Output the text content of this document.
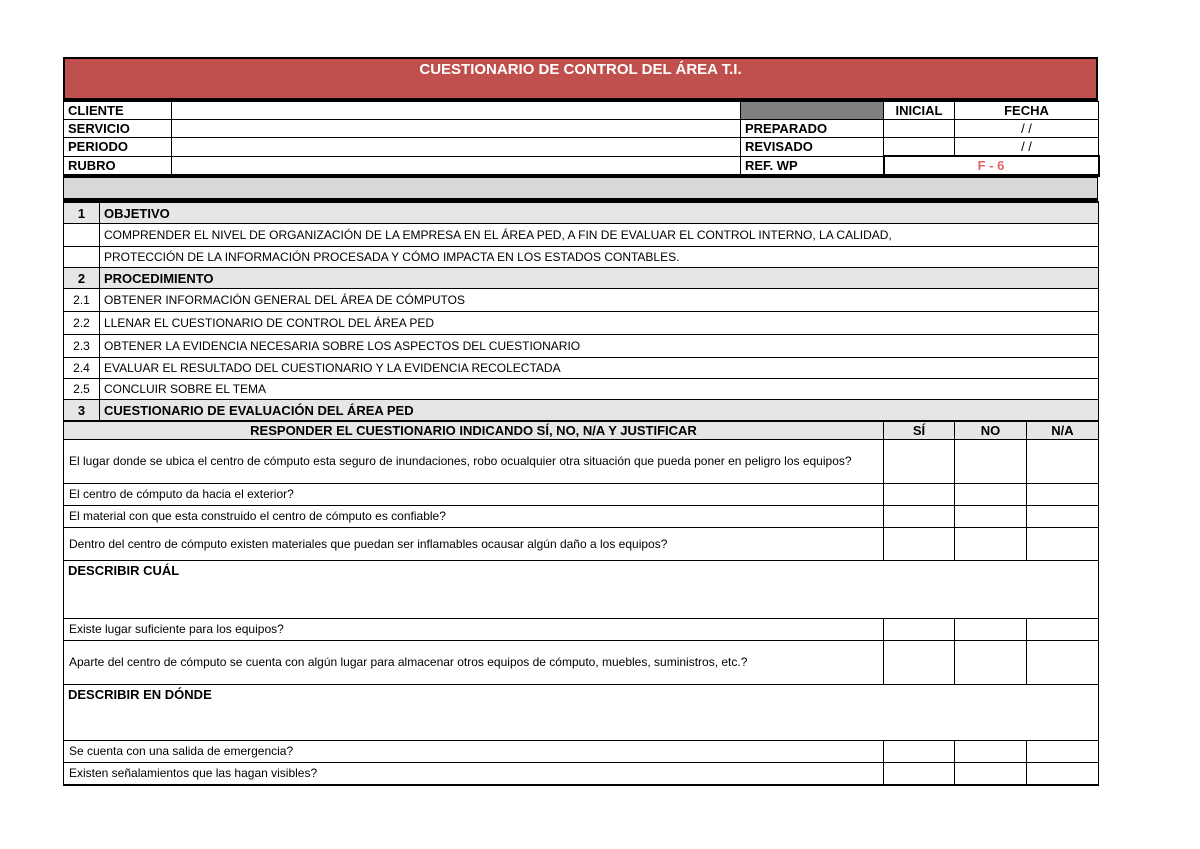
CUESTIONARIO DE CONTROL DEL ÁREA T.I.
CLIENTE			INICIAL	FECHA
SERVICIO		PREPARADO		/ /
PERIODO		REVISADO		/ /
RUBRO		REF. WP	F - 6	
1	OBJETIVO
	COMPRENDER EL NIVEL DE ORGANIZACIÓN DE LA EMPRESA EN EL ÁREA PED, A FIN DE EVALUAR EL CONTROL INTERNO, LA CALIDAD,
	PROTECCIÓN DE LA INFORMACIÓN PROCESADA Y CÓMO IMPACTA EN LOS ESTADOS CONTABLES.
2	PROCEDIMIENTO
2.1	OBTENER INFORMACIÓN GENERAL DEL ÁREA DE CÓMPUTOS
2.2	LLENAR EL CUESTIONARIO DE CONTROL DEL ÁREA PED
2.3	OBTENER LA EVIDENCIA NECESARIA SOBRE LOS ASPECTOS DEL CUESTIONARIO
2.4	EVALUAR EL RESULTADO DEL CUESTIONARIO Y LA EVIDENCIA RECOLECTADA
2.5	CONCLUIR SOBRE EL TEMA
3	CUESTIONARIO DE EVALUACIÓN DEL ÁREA PED
RESPONDER EL CUESTIONARIO INDICANDO SÍ, NO, N/A Y JUSTIFICAR	SÍ	NO	N/A
El lugar donde se ubica el centro de cómputo esta seguro de inundaciones, robo ocualquier otra situación que pueda poner en peligro los equipos?			
El centro de cómputo da hacia el exterior?			
El material con que esta construido el centro de cómputo es confiable?			
Dentro del centro de cómputo existen materiales que puedan ser inflamables ocausar algún daño a los equipos?			
DESCRIBIR CUÁL			
Existe lugar suficiente para los equipos?			
Aparte del centro de cómputo se cuenta con algún lugar para almacenar otros equipos de cómputo, muebles, suministros, etc.?			
DESCRIBIR EN DÓNDE			
Se cuenta con una salida de emergencia?			
Existen señalamientos que las hagan visibles?			
